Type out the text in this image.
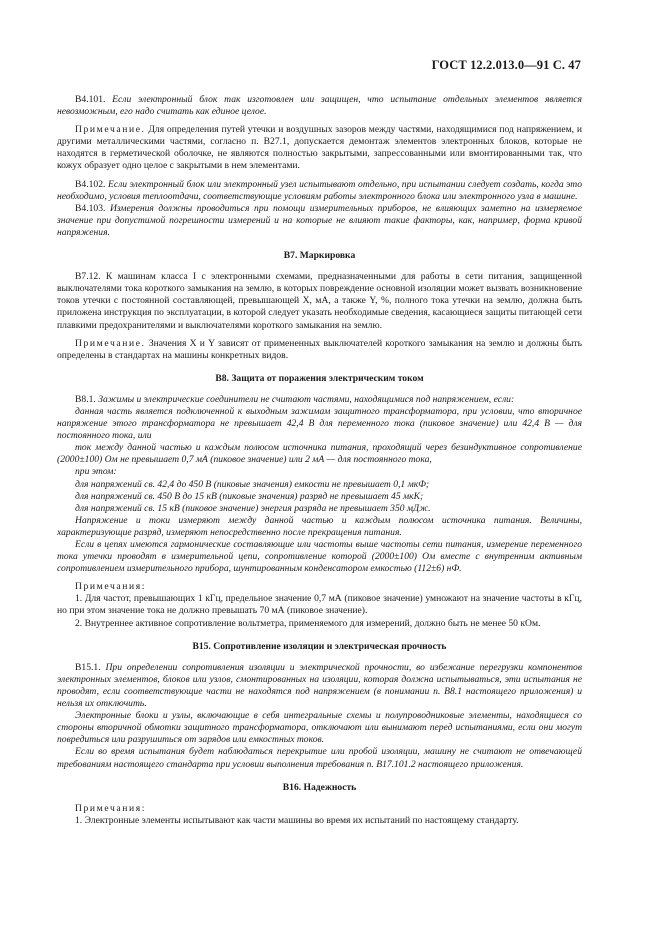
ГОСТ 12.2.013.0—91 С. 47

В4.101. Если электронный блок так изготовлен или защищен, что испытание отдельных элементов является невозможным, его надо считать как единое целое.

Примечание. Для определения путей утечки и воздушных зазоров между частями, находящимися под напряжением, и другими металлическими частями, согласно п. В27.1, допускается демонтаж элементов электронных блоков, которые не находятся в герметической оболочке, не являются полностью закрытыми, запрессованными или вмонтированными так, что кожух образует одно целое с закрытыми в нем элементами.

В4.102. Если электронный блок или электронный узел испытывают отдельно, при испытании следует создать, когда это необходимо, условия теплоотдачи, соответствующие условиям работы электронного блока или электронного узла в машине.

В4.103. Измерения должны проводиться при помощи измерительных приборов, не влияющих заметно на измеряемое значение при допустимой погрешности измерений и на которые не влияют такие факторы, как, например, форма кривой напряжения.

В7. Маркировка

В7.12. К машинам класса I с электронными схемами, предназначенными для работы в сети питания, защищенной выключателями тока короткого замыкания на землю, в которых повреждение основной изоляции может вызвать возникновение токов утечки с постоянной составляющей, превышающей X, мА, а также Y, %, полного тока утечки на землю, должна быть приложена инструкция по эксплуатации, в которой следует указать необходимые сведения, касающиеся защиты питающей сети плавкими предохранителями и выключателями короткого замыкания на землю.

Примечание. Значения X и Y зависят от примененных выключателей короткого замыкания на землю и должны быть определены в стандартах на машины конкретных видов.

В8. Защита от поражения электрическим током

В8.1. Зажимы и электрические соединители не считают частями, находящимися под напряжением, если:

данная часть является подключенной к выходным зажимам защитного трансформатора, при условии, что вторичное напряжение этого трансформатора не превышает 42,4 В для переменного тока (пиковое значение) или 42,4 В — для постоянного тока, или

ток между данной частью и каждым полюсом источника питания, проходящий через безиндуктивное сопротивление (2000±100) Ом не превышает 0,7 мА (пиковое значение) или 2 мА — для постоянного тока,

при этом:

для напряжений св. 42,4 до 450 В (пиковые значения) емкости не превышает 0,1 мкФ;

для напряжений св. 450 В до 15 кВ (пиковые значения) разряд не превышает 45 мкК;

для напряжений св. 15 кВ (пиковое значение) энергия разряда не превышает 350 мДж.

Напряжение и токи измеряют между данной частью и каждым полюсом источника питания. Величины, характеризующие разряд, измеряют непосредственно после прекращения питания.

Если в цепях имеются гармонические составляющие или частоты выше частоты сети питания, измерение переменного тока утечки проводят в измерительной цепи, сопротивление которой (2000±100) Ом вместе с внутренним активным сопротивлением измерительного прибора, шунтированным конденсатором емкостью (112±6) нФ.

Примечания:

1. Для частот, превышающих 1 кГц, предельное значение 0,7 мА (пиковое значение) умножают на значение частоты в кГц, но при этом значение тока не должно превышать 70 мА (пиковое значение).

2. Внутреннее активное сопротивление вольтметра, применяемого для измерений, должно быть не менее 50 кОм.

В15. Сопротивление изоляции и электрическая прочность

В15.1. При определении сопротивления изоляции и электрической прочности, во избежание перегрузки компонентов электронных элементов, блоков или узлов, смонтированных на изоляции, которая должна испытываться, эти испытания не проводят, если соответствующие части не находятся под напряжением (в понимании п. В8.1 настоящего приложения) и нельзя их отключить.

Электронные блоки и узлы, включающие в себя интегральные схемы и полупроводниковые элементы, находящиеся со стороны вторичной обмотки защитного трансформатора, отключают или вынимают перед испытаниями, если они могут повредиться или разрушиться от зарядов или емкостных токов.

Если во время испытания будет наблюдаться перекрытие или пробой изоляции, машину не считают не отвечающей требованиям настоящего стандарта при условии выполнения требования п. В17.101.2 настоящего приложения.

В16. Надежность

Примечания:

1. Электронные элементы испытывают как части машины во время их испытаний по настоящему стандарту.
